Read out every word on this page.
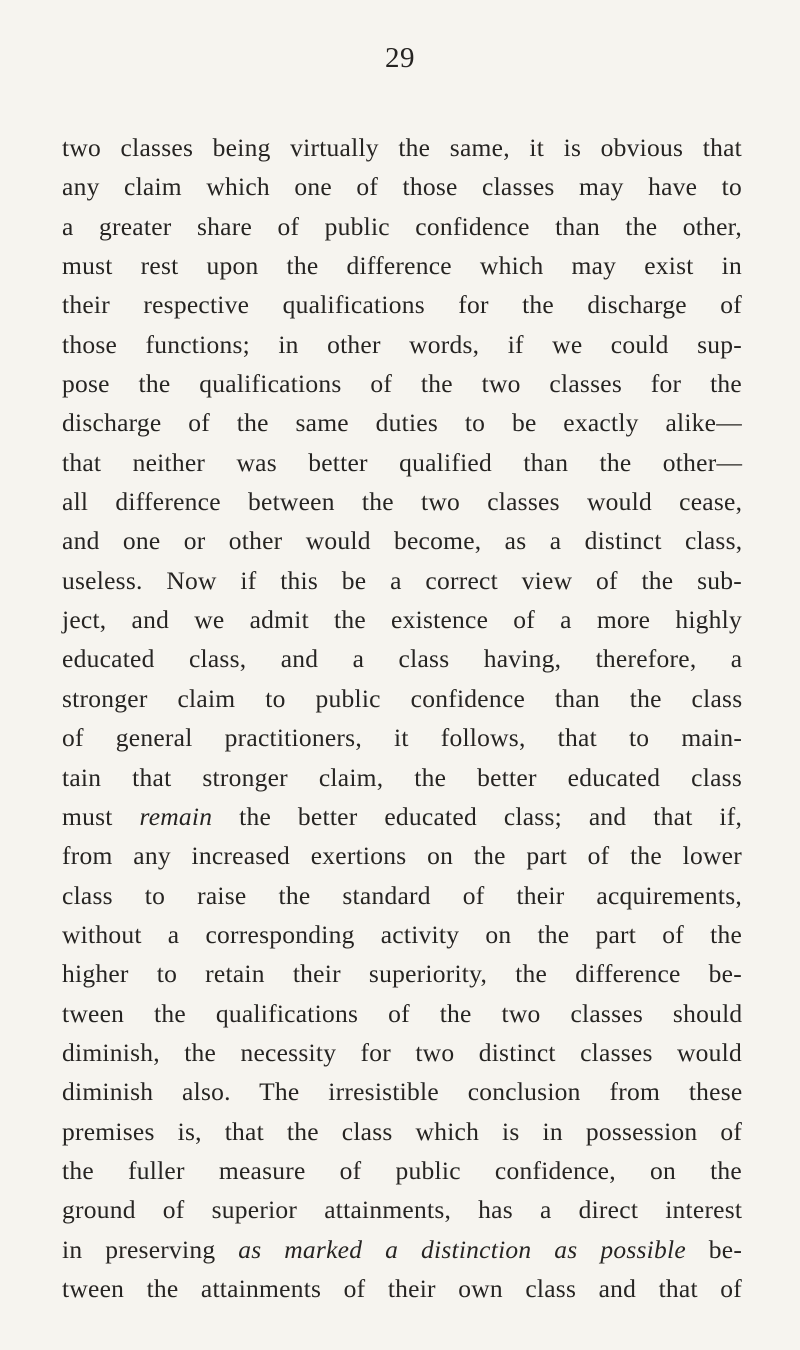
29
two classes being virtually the same, it is obvious that
any claim which one of those classes may have to
a greater share of public confidence than the other,
must rest upon the difference which may exist in
their respective qualifications for the discharge of
those functions; in other words, if we could sup-
pose the qualifications of the two classes for the
discharge of the same duties to be exactly alike—
that neither was better qualified than the other—
all difference between the two classes would cease,
and one or other would become, as a distinct class,
useless. Now if this be a correct view of the sub-
ject, and we admit the existence of a more highly
educated class, and a class having, therefore, a
stronger claim to public confidence than the class
of general practitioners, it follows, that to main-
tain that stronger claim, the better educated class
must remain the better educated class; and that if,
from any increased exertions on the part of the lower
class to raise the standard of their acquirements,
without a corresponding activity on the part of the
higher to retain their superiority, the difference be-
tween the qualifications of the two classes should
diminish, the necessity for two distinct classes would
diminish also. The irresistible conclusion from these
premises is, that the class which is in possession of
the fuller measure of public confidence, on the
ground of superior attainments, has a direct interest
in preserving as marked a distinction as possible be-
tween the attainments of their own class and that of
